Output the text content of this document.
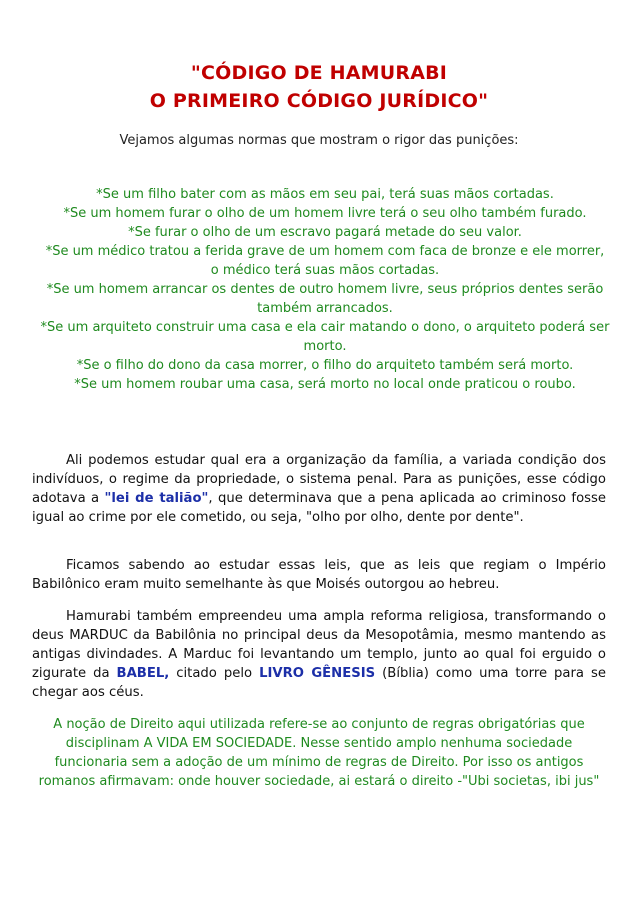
"CÓDIGO DE HAMURABI
O PRIMEIRO CÓDIGO JURÍDICO"
Vejamos algumas normas que mostram o rigor das punições:

*Se um filho bater com as mãos em seu pai, terá suas mãos cortadas.

*Se um homem furar o olho de um homem livre terá o seu olho também furado.

*Se furar o olho de um escravo pagará metade do seu valor.

*Se um médico tratou a ferida grave de um homem com faca de bronze e ele morrer, o médico terá suas mãos cortadas.

*Se um homem arrancar os dentes de outro homem livre, seus próprios dentes serão também arrancados.

*Se um arquiteto construir uma casa e ela cair matando o dono, o arquiteto poderá ser morto.

*Se o filho do dono da casa morrer, o filho do arquiteto também será morto.

*Se um homem roubar uma casa, será morto no local onde praticou o roubo.

Ali podemos estudar qual era a organização da família, a variada condição dos indivíduos, o regime da propriedade, o sistema penal. Para as punições, esse código adotava a "lei de talião", que determinava que a pena aplicada ao criminoso fosse igual ao crime por ele cometido, ou seja, "olho por olho, dente por dente".

Ficamos sabendo ao estudar essas leis, que as leis que regiam o Império Babilônico eram muito semelhante às que Moisés outorgou ao hebreu.

Hamurabi também empreendeu uma ampla reforma religiosa, transformando o deus MARDUC da Babilônia no principal deus da Mesopotâmia, mesmo mantendo as antigas divindades. A Marduc foi levantando um templo, junto ao qual foi erguido o zigurate da BABEL, citado pelo LIVRO GÊNESIS (Bíblia) como uma torre para se chegar aos céus.

A noção de Direito aqui utilizada refere-se ao conjunto de regras obrigatórias que disciplinam A VIDA EM SOCIEDADE. Nesse sentido amplo nenhuma sociedade funcionaria sem a adoção de um mínimo de regras de Direito. Por isso os antigos romanos afirmavam: onde houver sociedade, ai estará o direito -"Ubi societas, ibi jus"
